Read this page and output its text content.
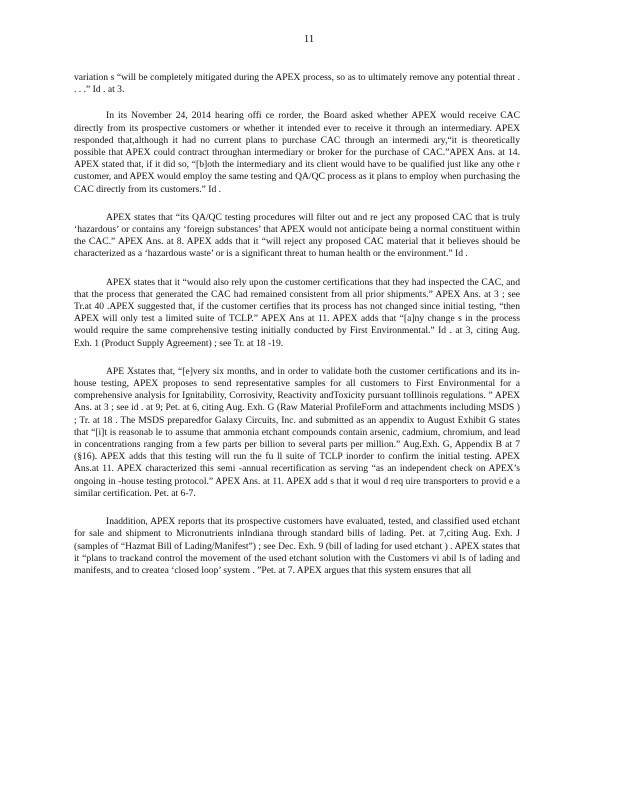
11

variation s “will be completely mitigated during the APEX process, so as to ultimately remove any potential threat . . . .” Id . at 3.

In its November 24, 2014 hearing offi ce rorder, the Board asked whether APEX would receive CAC directly from its prospective customers or whether it intended ever to receive it through an intermediary. APEX responded that,although it had no current plans to purchase CAC through an intermedi ary,“it is theoretically possible that APEX could contract throughan intermediary or broker for the purchase of CAC.”APEX Ans. at 14. APEX stated that, if it did so, “[b]oth the intermediary and its client would have to be qualified just like any othe r customer, and APEX would employ the same testing and QA/QC process as it plans to employ when purchasing the CAC directly from its customers.” Id .

APEX states that “its QA/QC testing procedures will filter out and re ject any proposed CAC that is truly ‘hazardous’ or contains any ‘foreign substances’ that APEX would not anticipate being a normal constituent within the CAC.” APEX Ans. at 8. APEX adds that it “will reject any proposed CAC material that it believes should be characterized as a ‘hazardous waste’ or is a significant threat to human health or the environment.” Id .

APEX states that it “would also rely upon the customer certifications that they had inspected the CAC, and that the process that generated the CAC had remained consistent from all prior shipments.” APEX Ans. at 3 ; see Tr.at 40 .APEX suggested that, if the customer certifies that its process has not changed since initial testing, “then APEX will only test a limited suite of TCLP.” APEX Ans at 11. APEX adds that “[a]ny change s in the process would require the same comprehensive testing initially conducted by First Environmental.” Id . at 3, citing Aug. Exh. 1 (Product Supply Agreement) ; see Tr. at 18 -19.

APE Xstates that, “[e]very six months, and in order to validate both the customer certifications and its in-house testing, APEX proposes to send representative samples for all customers to First Environmental for a comprehensive analysis for Ignitability, Corrosivity, Reactivity andToxicity pursuant toIllinois regulations. ” APEX Ans. at 3 ; see id . at 9; Pet. at 6, citing Aug. Exh. G (Raw Material ProfileForm and attachments including MSDS ) ; Tr. at 18 . The MSDS preparedfor Galaxy Circuits, Inc. and submitted as an appendix to August Exhibit G states that “[i]t is reasonab le to assume that ammonia etchant compounds contain arsenic, cadmium, chromium, and lead in concentrations ranging from a few parts per billion to several parts per million.” Aug.Exh. G, Appendix B at 7 (§16). APEX adds that this testing will run the fu ll suite of TCLP inorder to confirm the initial testing. APEX Ans.at 11. APEX characterized this semi -annual recertification as serving “as an independent check on APEX’s ongoing in -house testing protocol.” APEX Ans. at 11. APEX add s that it woul d req uire transporters to provid e a similar certification. Pet. at 6-7.

Inaddition, APEX reports that its prospective customers have evaluated, tested, and classified used etchant for sale and shipment to Micronutrients inIndiana through standard bills of lading. Pet. at 7,citing Aug. Exh. J (samples of “Hazmat Bill of Lading/Manifest”) ; see Dec. Exh. 9 (bill of lading for used etchant ) . APEX states that it “plans to trackand control the movement of the used etchant solution with the Customers vi abil ls of lading and manifests, and to createa ‘closed loop’ system . ”Pet. at 7. APEX argues that this system ensures that all
